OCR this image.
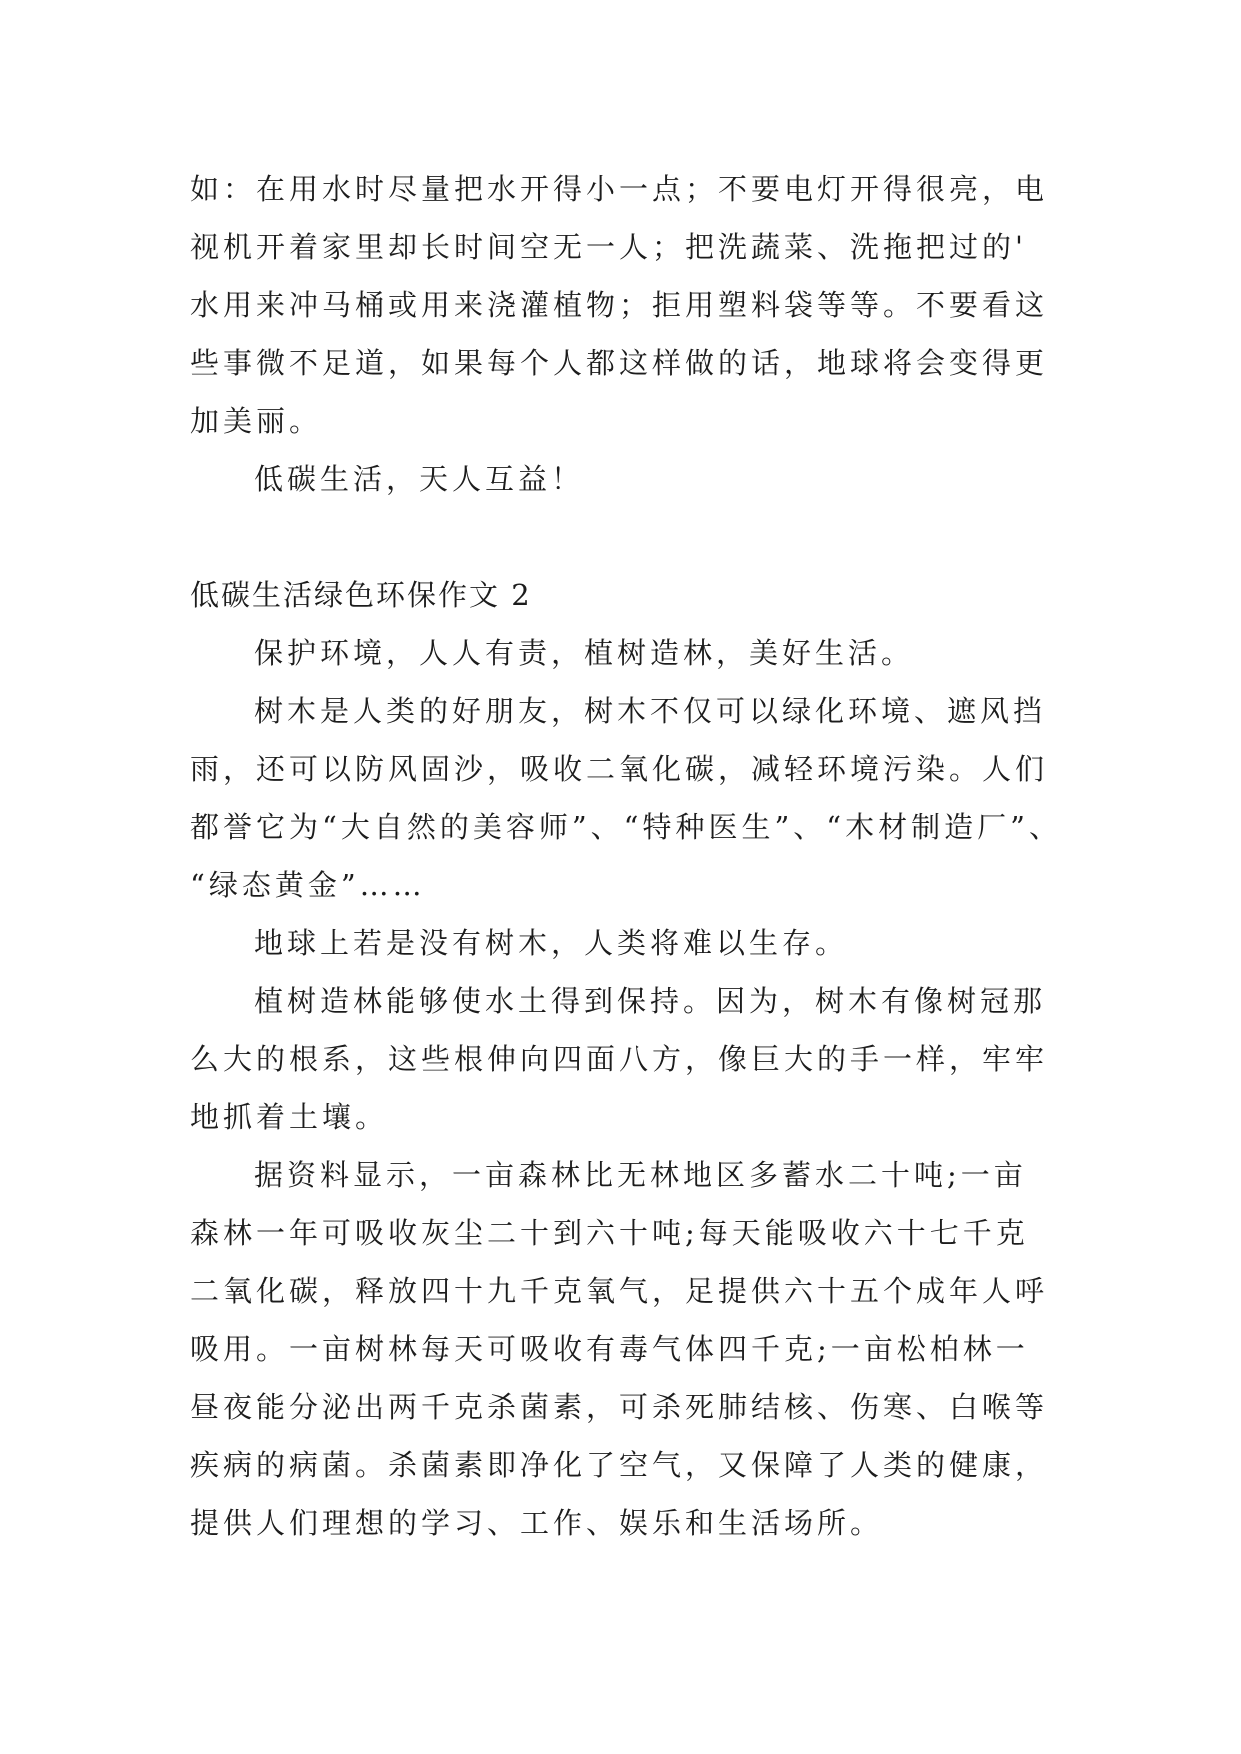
如：在用水时尽量把水开得小一点；不要电灯开得很亮，电
视机开着家里却长时间空无一人；把洗蔬菜、洗拖把过的'
水用来冲马桶或用来浇灌植物；拒用塑料袋等等。不要看这
些事微不足道，如果每个人都这样做的话，地球将会变得更
加美丽。
低碳生活，天人互益！
低碳生活绿色环保作文 2
保护环境，人人有责，植树造林，美好生活。
树木是人类的好朋友，树木不仅可以绿化环境、遮风挡
雨，还可以防风固沙，吸收二氧化碳，减轻环境污染。人们
都誉它为“大自然的美容师”、“特种医生”、“木材制造厂”、
“绿态黄金”……
地球上若是没有树木，人类将难以生存。
植树造林能够使水土得到保持。因为，树木有像树冠那
么大的根系，这些根伸向四面八方，像巨大的手一样，牢牢
地抓着土壤。
据资料显示，一亩森林比无林地区多蓄水二十吨;一亩
森林一年可吸收灰尘二十到六十吨;每天能吸收六十七千克
二氧化碳，释放四十九千克氧气，足提供六十五个成年人呼
吸用。一亩树林每天可吸收有毒气体四千克;一亩松柏林一
昼夜能分泌出两千克杀菌素，可杀死肺结核、伤寒、白喉等
疾病的病菌。杀菌素即净化了空气，又保障了人类的健康，
提供人们理想的学习、工作、娱乐和生活场所。
